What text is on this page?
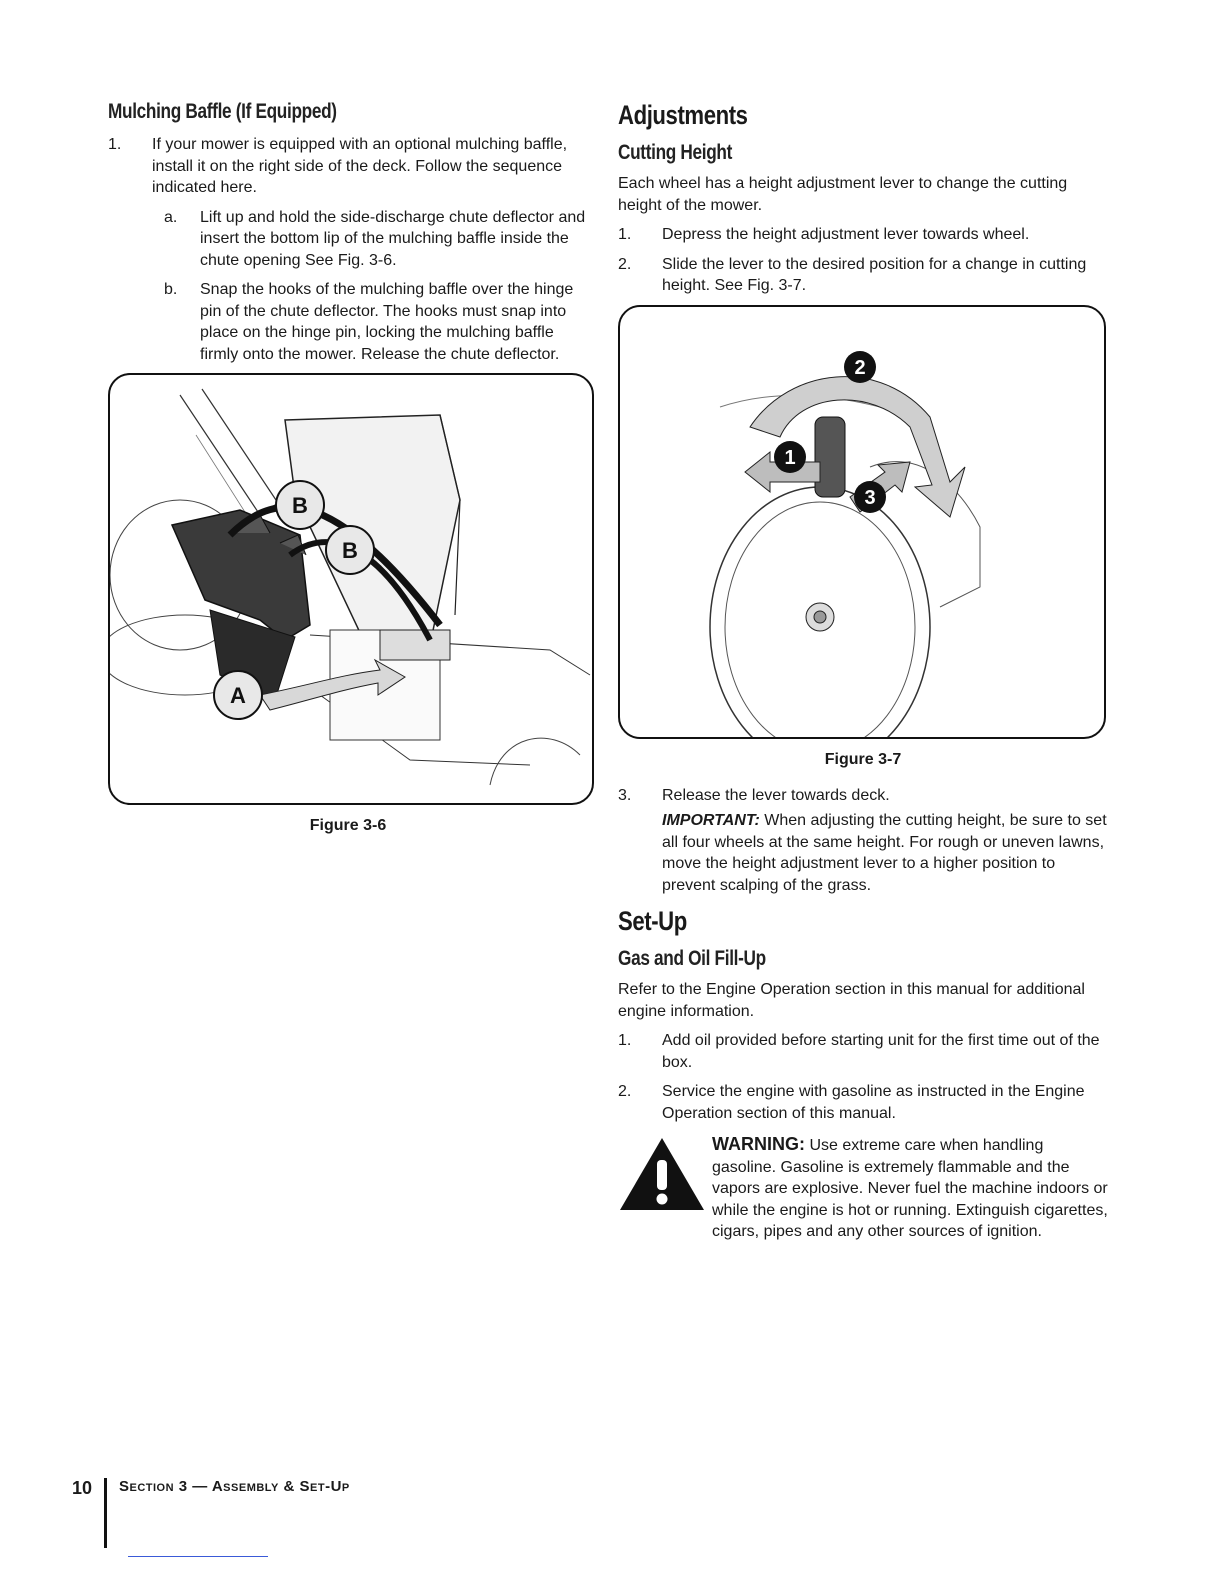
Mulching Baffle (If Equipped)
1.	If your mower is equipped with an optional mulching baffle, install it on the right side of the deck. Follow the sequence indicated here.
a.	Lift up and hold the side-discharge chute deflector and insert the bottom lip of the mulching baffle inside the chute opening See Fig. 3-6.
b.	Snap the hooks of the mulching baffle over the hinge pin of the chute deflector. The hooks must snap into place on the hinge pin, locking the mulching baffle firmly onto the mower. Release the chute deflector.
B
B
A
Figure 3-6
Adjustments
Cutting Height

Each wheel has a height adjustment lever to change the cutting height of the mower.

1.	Depress the height adjustment lever towards wheel.
2.	Slide the lever to the desired position for a change in cutting height. See Fig. 3-7.
2
1
3
Figure 3-7
3.	Release the lever towards deck.
IMPORTANT: When adjusting the cutting height, be sure to set all four wheels at the same height. For rough or uneven lawns, move the height adjustment lever to a higher position to prevent scalping of the grass.
Set-Up
Gas and Oil Fill-Up

Refer to the Engine Operation section in this manual for additional engine information.

1.	Add oil provided before starting unit for the first time out of the box.
2.	Service the engine with gasoline as instructed in the Engine Operation section of this manual.
WARNING: Use extreme care when handling gasoline. Gasoline is extremely flammable and the vapors are explosive. Never fuel the machine indoors or while the engine is hot or running. Extinguish cigarettes, cigars, pipes and any other sources of ignition.
10	Section 3 — Assembly & Set-Up
